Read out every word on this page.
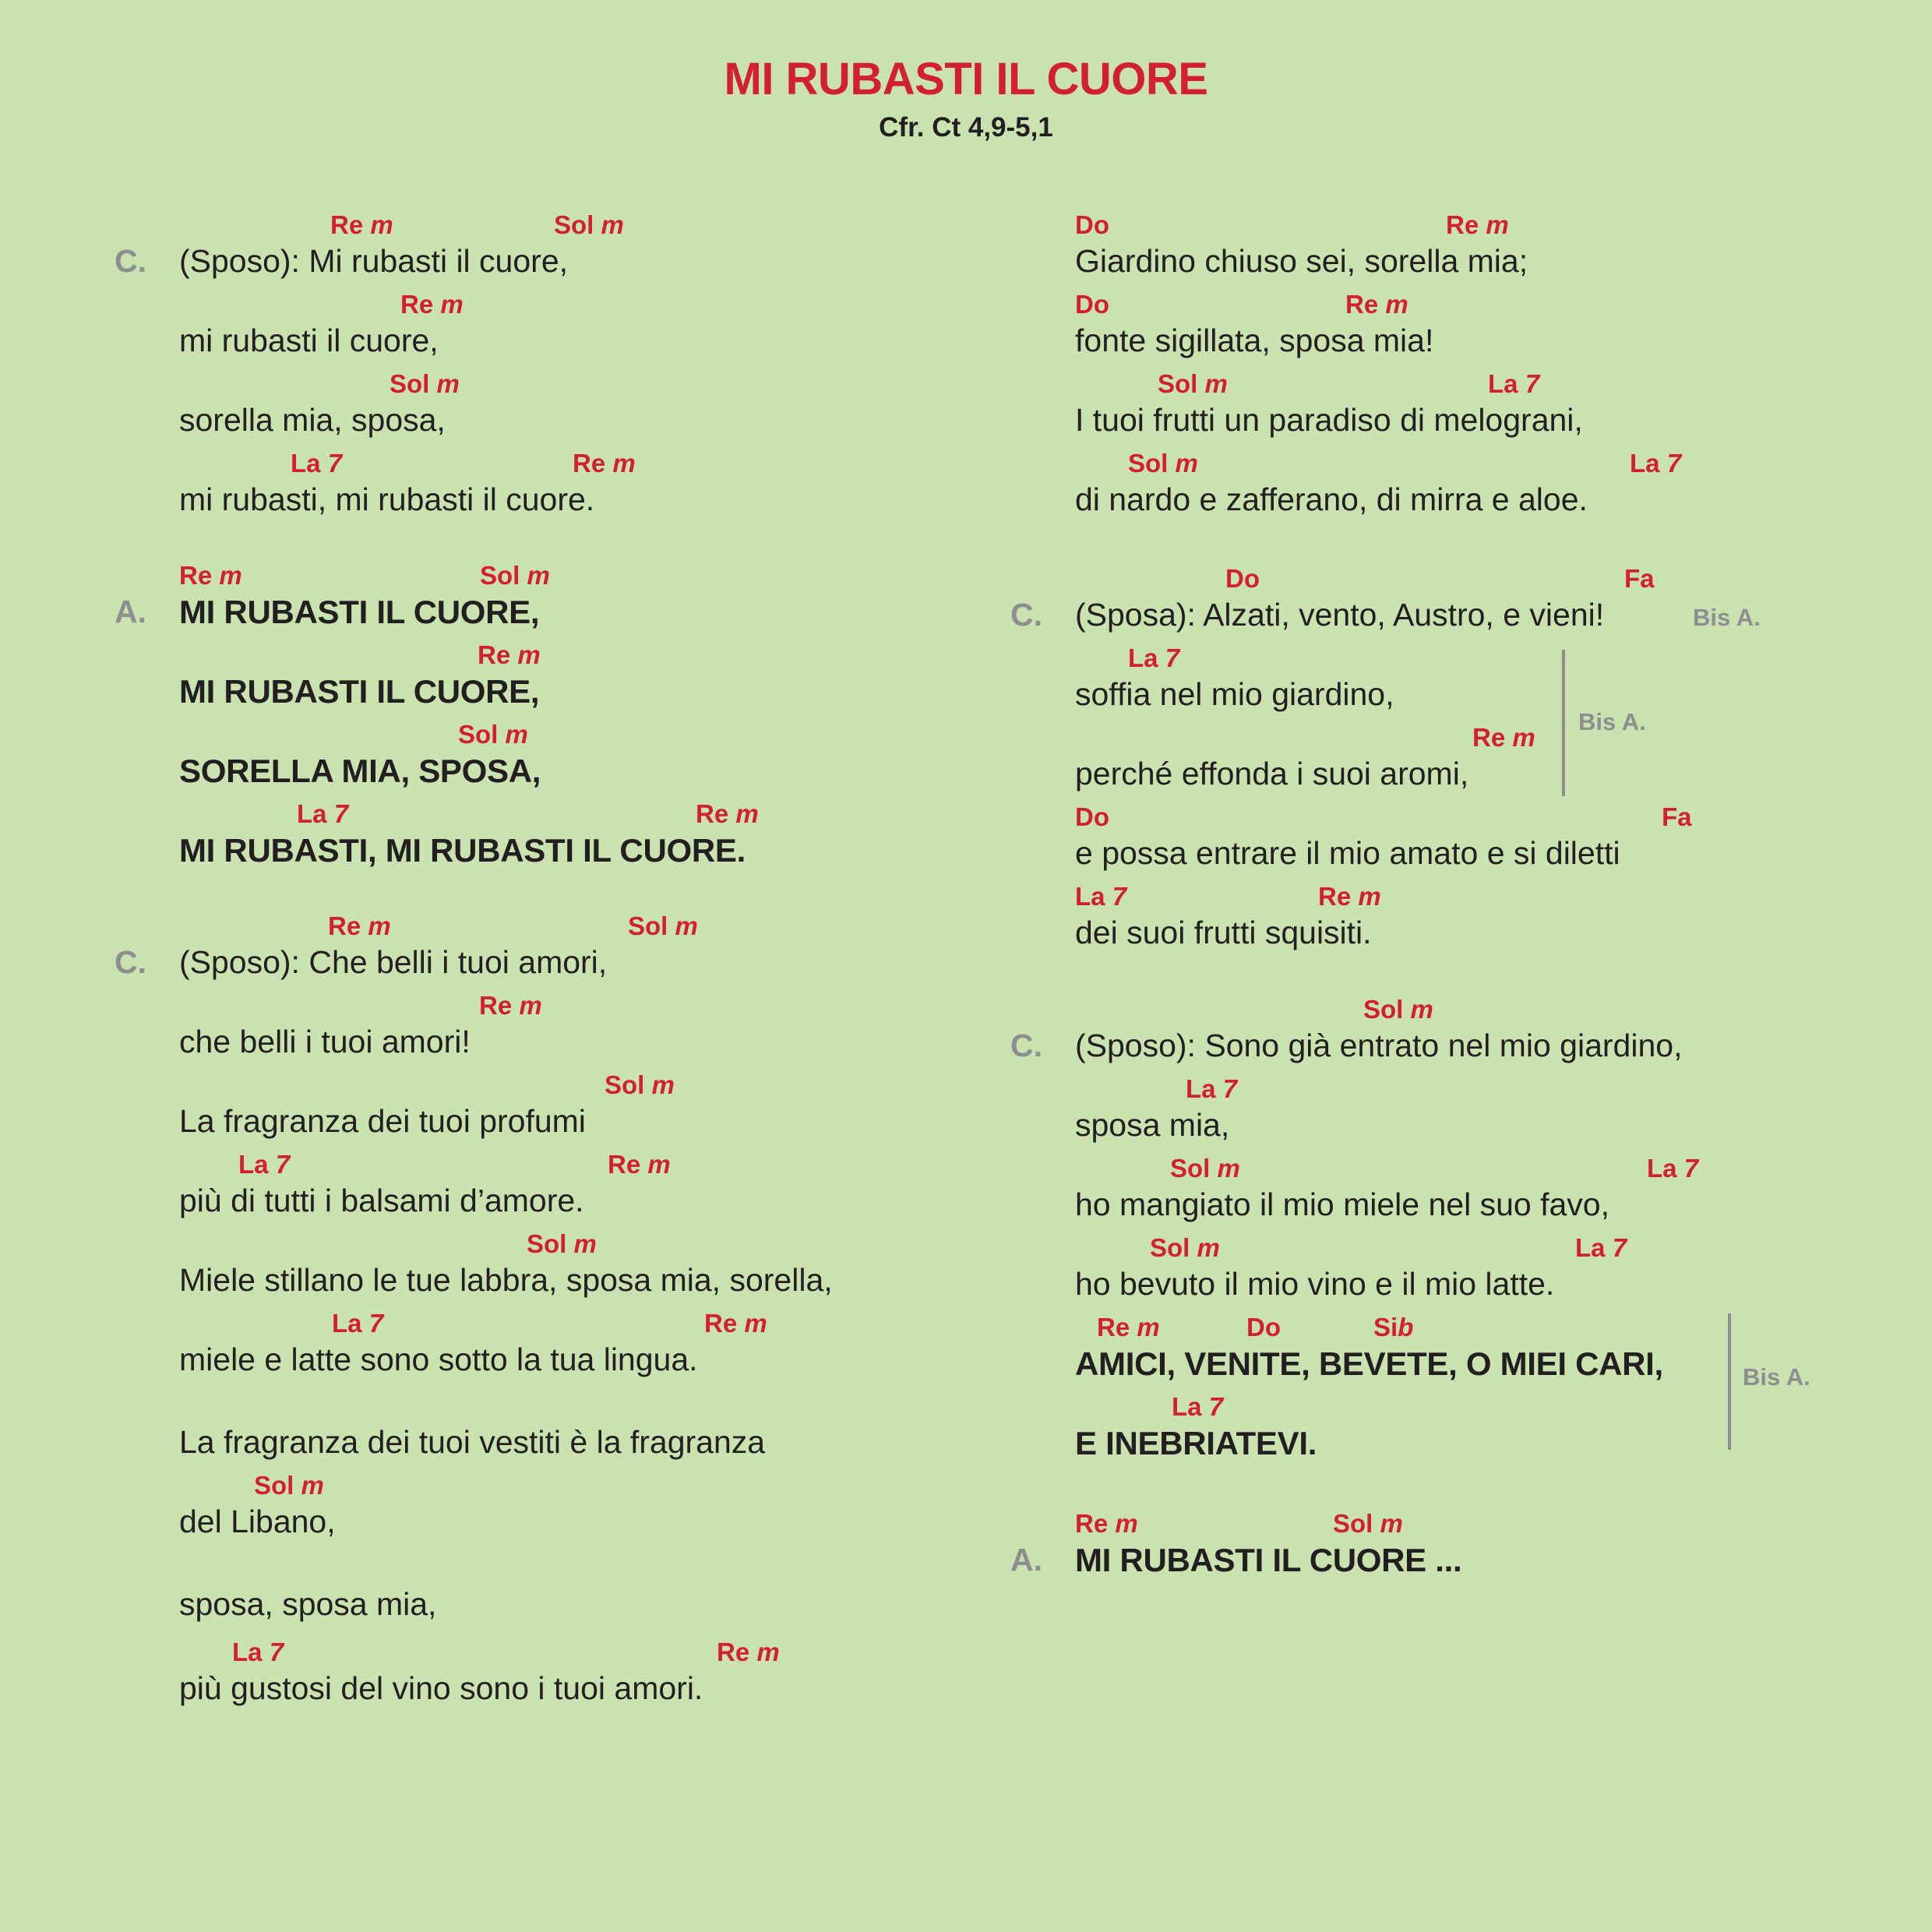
MI RUBASTI IL CUORE
Cfr. Ct 4,9-5,1
C.
Re m	Sol m
(Sposo): Mi rubasti il cuore,
Re m
mi rubasti il cuore,
Sol m
sorella mia, sposa,
La 7	Re m
mi rubasti, mi rubasti il cuore.
A.
Re m	Sol m
MI RUBASTI IL CUORE,
Re m
MI RUBASTI IL CUORE,
Sol m
SORELLA MIA, SPOSA,
La 7	Re m
MI RUBASTI, MI RUBASTI IL CUORE.
C.
Re m	Sol m
(Sposo): Che belli i tuoi amori,
Re m
che belli i tuoi amori!
Sol m
La fragranza dei tuoi profumi
La 7	Re m
più di tutti i balsami d’amore.
Sol m
Miele stillano le tue labbra, sposa mia, sorella,
La 7	Re m
miele e latte sono sotto la tua lingua.
La fragranza dei tuoi vestiti è la fragranza
Sol m
del Libano,
sposa, sposa mia,
La 7	Re m
più gustosi del vino sono i tuoi amori.
Do	Re m
Giardino chiuso sei, sorella mia;
Do	Re m
fonte sigillata, sposa mia!
Sol m	La 7
I tuoi frutti un paradiso di melograni,
Sol m	La 7
di nardo e zafferano, di mirra e aloe.
C.
Do	Fa
(Sposa): Alzati, vento, Austro, e vieni!	Bis A.
La 7
soffia nel mio giardino,
Re m
perché effonda i suoi aromi,
Bis A.
Do	Fa
e possa entrare il mio amato e si diletti
La 7	Re m
dei suoi frutti squisiti.
C.
Sol m
(Sposo): Sono già entrato nel mio giardino,
La 7
sposa mia,
Sol m	La 7
ho mangiato il mio miele nel suo favo,
Sol m	La 7
ho bevuto il mio vino e il mio latte.
Re m	Do	Sib
AMICI, VENITE, BEVETE, O MIEI CARI,
La 7
E INEBRIATEVI.
Bis A.
A.
Re m	Sol m
MI RUBASTI IL CUORE ...
